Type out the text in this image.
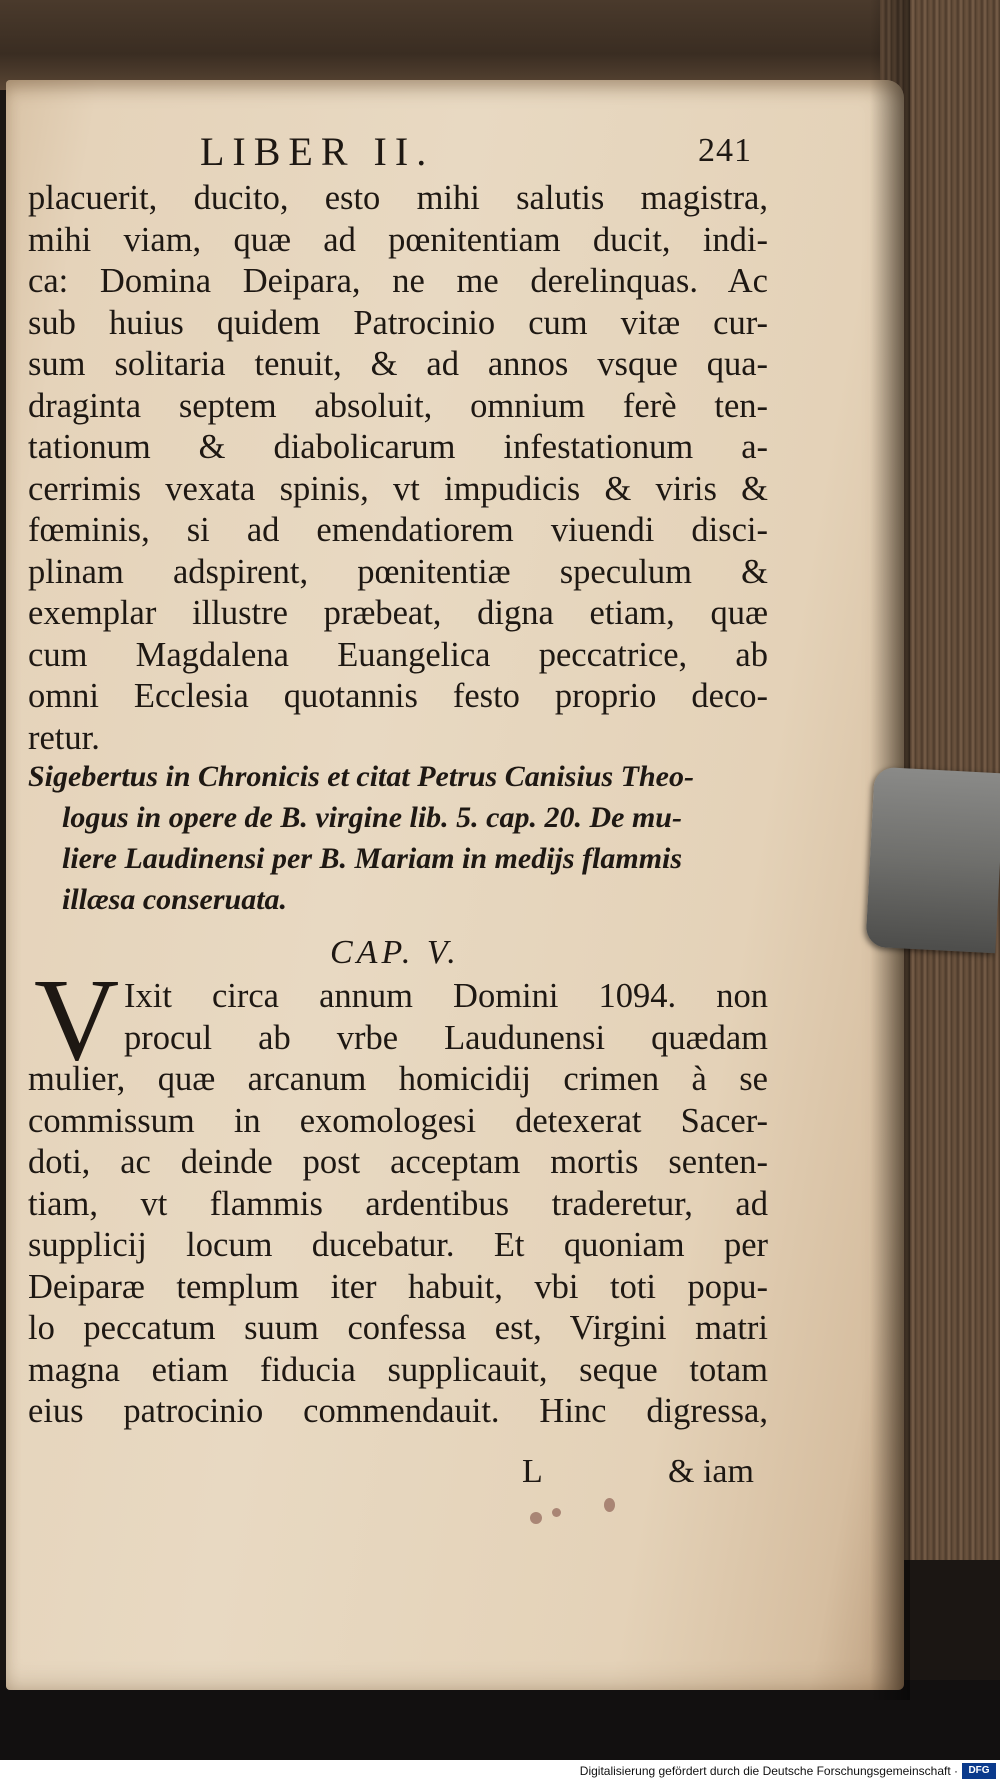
LIBER II.	241
placuerit, ducito, esto mihi salutis magistra,
mihi viam, quæ ad pœnitentiam ducit, indi-
ca: Domina Deipara, ne me derelinquas. Ac
sub huius quidem Patrocinio cum vitæ cur-
sum solitaria tenuit, & ad annos vsque qua-
draginta septem absoluit, omnium ferè ten-
tationum & diabolicarum infestationum a-
cerrimis vexata spinis, vt impudicis & viris &
fœminis, si ad emendatiorem viuendi disci-
plinam adspirent, pœnitentiæ speculum &
exemplar illustre præbeat, digna etiam, quæ
cum Magdalena Euangelica peccatrice, ab
omni Ecclesia quotannis festo proprio deco-
retur.
Sigebertus in Chronicis et citat Petrus Canisius Theo-
logus in opere de B. virgine lib. 5. cap. 20. De mu-
liere Laudinensi per B. Mariam in medijs flammis
illæsa conseruata.
CAP. V.
V Ixit circa annum Domini 1094. non
procul ab vrbe Laudunensi quædam
mulier, quæ arcanum homicidij crimen à se
commissum in exomologesi detexerat Sacer-
doti, ac deinde post acceptam mortis senten-
tiam, vt flammis ardentibus traderetur, ad
supplicij locum ducebatur. Et quoniam per
Deiparæ templum iter habuit, vbi toti popu-
lo peccatum suum confessa est, Virgini matri
magna etiam fiducia supplicauit, seque totam
eius patrocinio commendauit. Hinc digressa,
L	& iam
Digitalisierung gefördert durch die Deutsche Forschungsgemeinschaft ·	DFG
